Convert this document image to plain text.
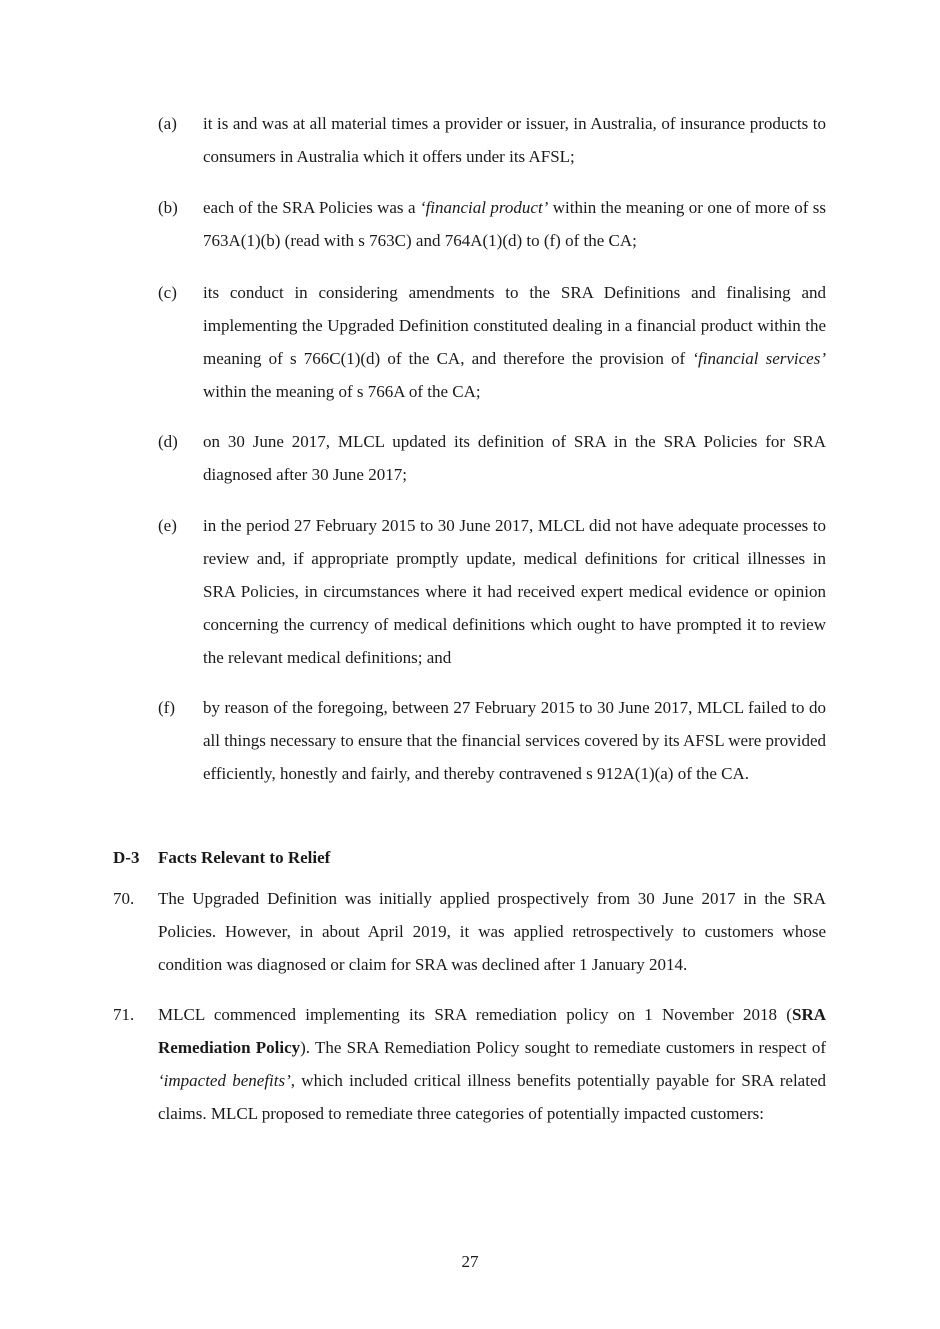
(a)	it is and was at all material times a provider or issuer, in Australia, of insurance products to consumers in Australia which it offers under its AFSL;
(b)	each of the SRA Policies was a ‘financial product’ within the meaning or one of more of ss 763A(1)(b) (read with s 763C) and 764A(1)(d) to (f) of the CA;
(c)	its conduct in considering amendments to the SRA Definitions and finalising and implementing the Upgraded Definition constituted dealing in a financial product within the meaning of s 766C(1)(d) of the CA, and therefore the provision of ‘financial services’ within the meaning of s 766A of the CA;
(d)	on 30 June 2017, MLCL updated its definition of SRA in the SRA Policies for SRA diagnosed after 30 June 2017;
(e)	in the period 27 February 2015 to 30 June 2017, MLCL did not have adequate processes to review and, if appropriate promptly update, medical definitions for critical illnesses in SRA Policies, in circumstances where it had received expert medical evidence or opinion concerning the currency of medical definitions which ought to have prompted it to review the relevant medical definitions; and
(f)	by reason of the foregoing, between 27 February 2015 to 30 June 2017, MLCL failed to do all things necessary to ensure that the financial services covered by its AFSL were provided efficiently, honestly and fairly, and thereby contravened s 912A(1)(a) of the CA.
D-3 Facts Relevant to Relief
70.	The Upgraded Definition was initially applied prospectively from 30 June 2017 in the SRA Policies. However, in about April 2019, it was applied retrospectively to customers whose condition was diagnosed or claim for SRA was declined after 1 January 2014.
71.	MLCL commenced implementing its SRA remediation policy on 1 November 2018 (SRA Remediation Policy). The SRA Remediation Policy sought to remediate customers in respect of ‘impacted benefits’, which included critical illness benefits potentially payable for SRA related claims. MLCL proposed to remediate three categories of potentially impacted customers:
27
